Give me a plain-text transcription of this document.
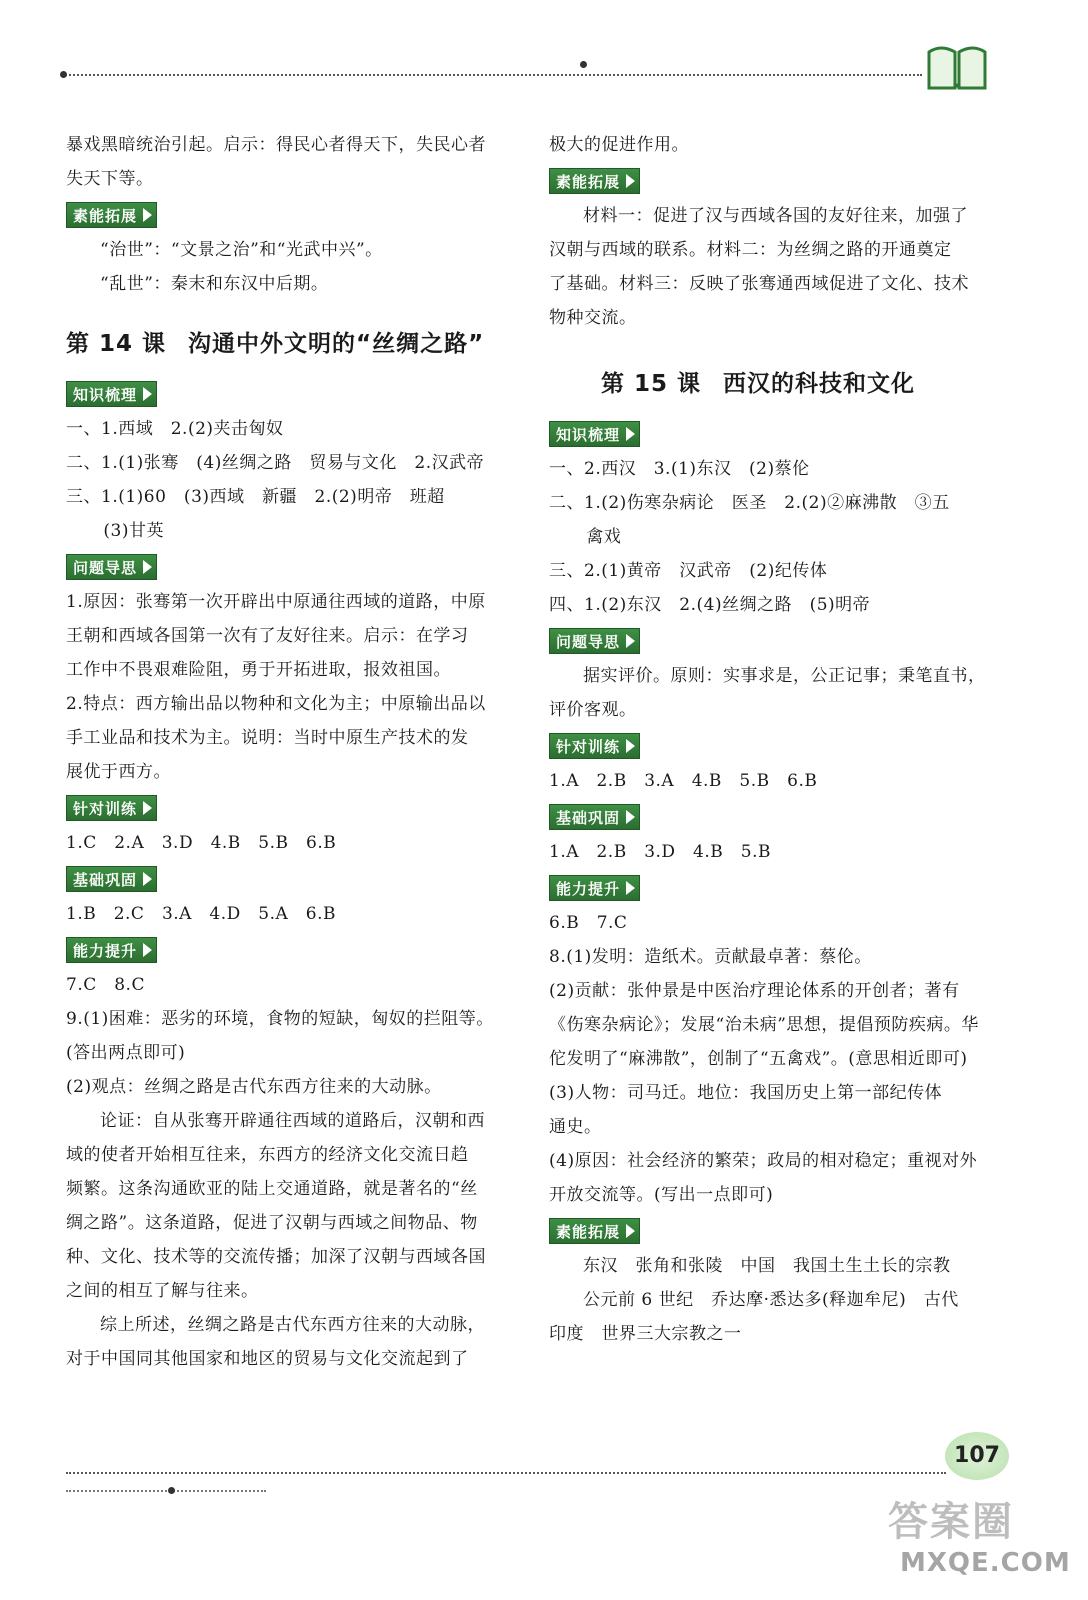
暴戏黑暗统治引起。启示：得民心者得天下，失民心者
失天下等。
素能拓展
“治世”：“文景之治”和“光武中兴”。
“乱世”：秦末和东汉中后期。
第 14 课 沟通中外文明的“丝绸之路”
知识梳理
一、1.西域　2.(2)夹击匈奴
二、1.(1)张骞　(4)丝绸之路　贸易与文化　2.汉武帝
三、1.(1)60　(3)西域　新疆　2.(2)明帝　班超
(3)甘英
问题导思
1.原因：张骞第一次开辟出中原通往西域的道路，中原
王朝和西域各国第一次有了友好往来。启示：在学习
工作中不畏艰难险阻，勇于开拓进取，报效祖国。
2.特点：西方输出品以物种和文化为主；中原输出品以
手工业品和技术为主。说明：当时中原生产技术的发
展优于西方。
针对训练
1.C　2.A　3.D　4.B　5.B　6.B
基础巩固
1.B　2.C　3.A　4.D　5.A　6.B
能力提升
7.C　8.C
9.(1)困难：恶劣的环境，食物的短缺，匈奴的拦阻等。
(答出两点即可)
(2)观点：丝绸之路是古代东西方往来的大动脉。
论证：自从张骞开辟通往西域的道路后，汉朝和西
域的使者开始相互往来，东西方的经济文化交流日趋
频繁。这条沟通欧亚的陆上交通道路，就是著名的“丝
绸之路”。这条道路，促进了汉朝与西域之间物品、物
种、文化、技术等的交流传播；加深了汉朝与西域各国
之间的相互了解与往来。
综上所述，丝绸之路是古代东西方往来的大动脉，
对于中国同其他国家和地区的贸易与文化交流起到了
极大的促进作用。
素能拓展
材料一：促进了汉与西域各国的友好往来，加强了
汉朝与西域的联系。材料二：为丝绸之路的开通奠定
了基础。材料三：反映了张骞通西域促进了文化、技术
物种交流。
第 15 课 西汉的科技和文化
知识梳理
一、2.西汉　3.(1)东汉　(2)蔡伦
二、1.(2)伤寒杂病论　医圣　2.(2)②麻沸散　③五
禽戏
三、2.(1)黄帝　汉武帝　(2)纪传体
四、1.(2)东汉　2.(4)丝绸之路　(5)明帝
问题导思
据实评价。原则：实事求是，公正记事；秉笔直书，
评价客观。
针对训练
1.A　2.B　3.A　4.B　5.B　6.B
基础巩固
1.A　2.B　3.D　4.B　5.B
能力提升
6.B　7.C
8.(1)发明：造纸术。贡献最卓著：蔡伦。
(2)贡献：张仲景是中医治疗理论体系的开创者；著有
《伤寒杂病论》；发展“治未病”思想，提倡预防疾病。华
佗发明了“麻沸散”，创制了“五禽戏”。(意思相近即可)
(3)人物：司马迁。地位：我国历史上第一部纪传体
通史。
(4)原因：社会经济的繁荣；政局的相对稳定；重视对外
开放交流等。(写出一点即可)
素能拓展
东汉　张角和张陵　中国　我国土生土长的宗教
公元前 6 世纪　乔达摩·悉达多(释迦牟尼)　古代
印度　世界三大宗教之一
107
答案圈
MXQE.COM
